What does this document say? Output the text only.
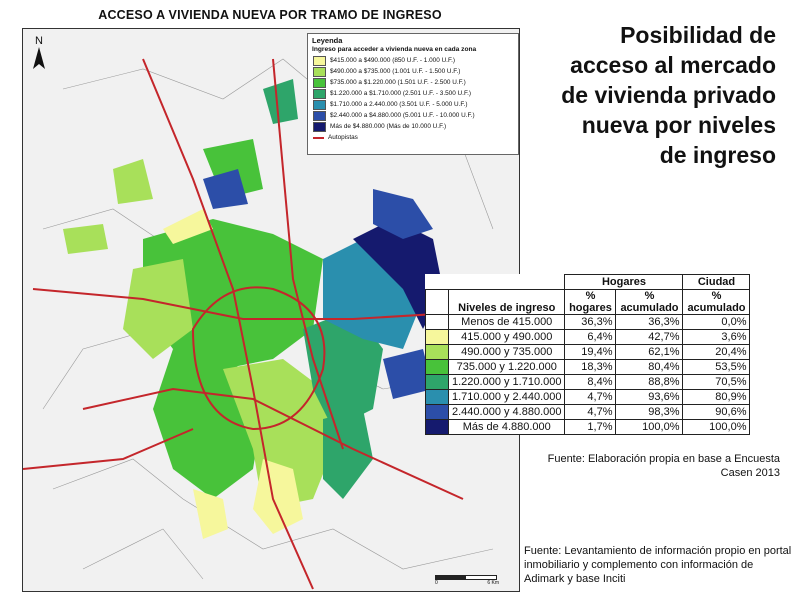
ACCESO A VIVIENDA NUEVA POR TRAMO DE INGRESO
N	Leyenda
Ingreso para acceder a vivienda nueva en cada zona
$415.000 a $490.000 (850 U.F. - 1.000 U.F.)
$490.000 a $735.000 (1.001 U.F. - 1.500 U.F.)
$735.000 a $1.220.000 (1.501 U.F. - 2.500 U.F.)
$1.220.000 a $1.710.000 (2.501 U.F. - 3.500 U.F.)
$1.710.000 a 2.440.000 (3.501 U.F. - 5.000 U.F.)
$2.440.000 a $4.880.000 (5.001 U.F. - 10.000 U.F.)
Más de $4.880.000 (Más de 10.000 U.F.)
Autopistas
0	6 Km
Posibilidad de
acceso al mercado
de vivienda privado
nueva por niveles
de ingreso
		Hogares		Ciudad
	Niveles de ingreso	% hogares	% acumulado	% acumulado
	Menos de 415.000	36,3%	36,3%	0,0%
	415.000 y 490.000	6,4%	42,7%	3,6%
	490.000 y 735.000	19,4%	62,1%	20,4%
	735.000 y 1.220.000	18,3%	80,4%	53,5%
	1.220.000 y 1.710.000	8,4%	88,8%	70,5%
	1.710.000 y 2.440.000	4,7%	93,6%	80,9%
	2.440.000 y 4.880.000	4,7%	98,3%	90,6%
	Más de 4.880.000	1,7%	100,0%	100,0%
Fuente: Elaboración propia en base a Encuesta Casen 2013
Fuente: Levantamiento de información propio en portal inmobiliario y complemento con información de Adimark y base Inciti
